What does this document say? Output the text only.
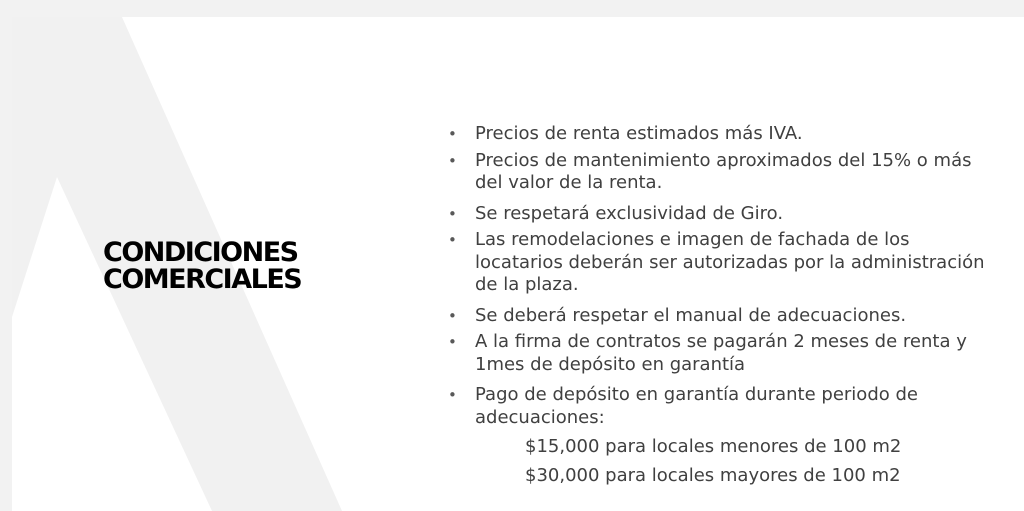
CONDICIONES
COMERCIALES
• Precios de renta estimados más IVA.
• Precios de mantenimiento aproximados del 15% o más del valor de la renta.
• Se respetará exclusividad de Giro.
• Las remodelaciones e imagen de fachada de los locatarios deberán ser autorizadas por la administración de la plaza.
• Se deberá respetar el manual de adecuaciones.
• A la firma de contratos se pagarán 2 meses de renta y 1mes de depósito en garantía
• Pago de depósito en garantía durante periodo de adecuaciones:
$15,000 para locales menores de 100 m2
$30,000 para locales mayores de 100 m2
